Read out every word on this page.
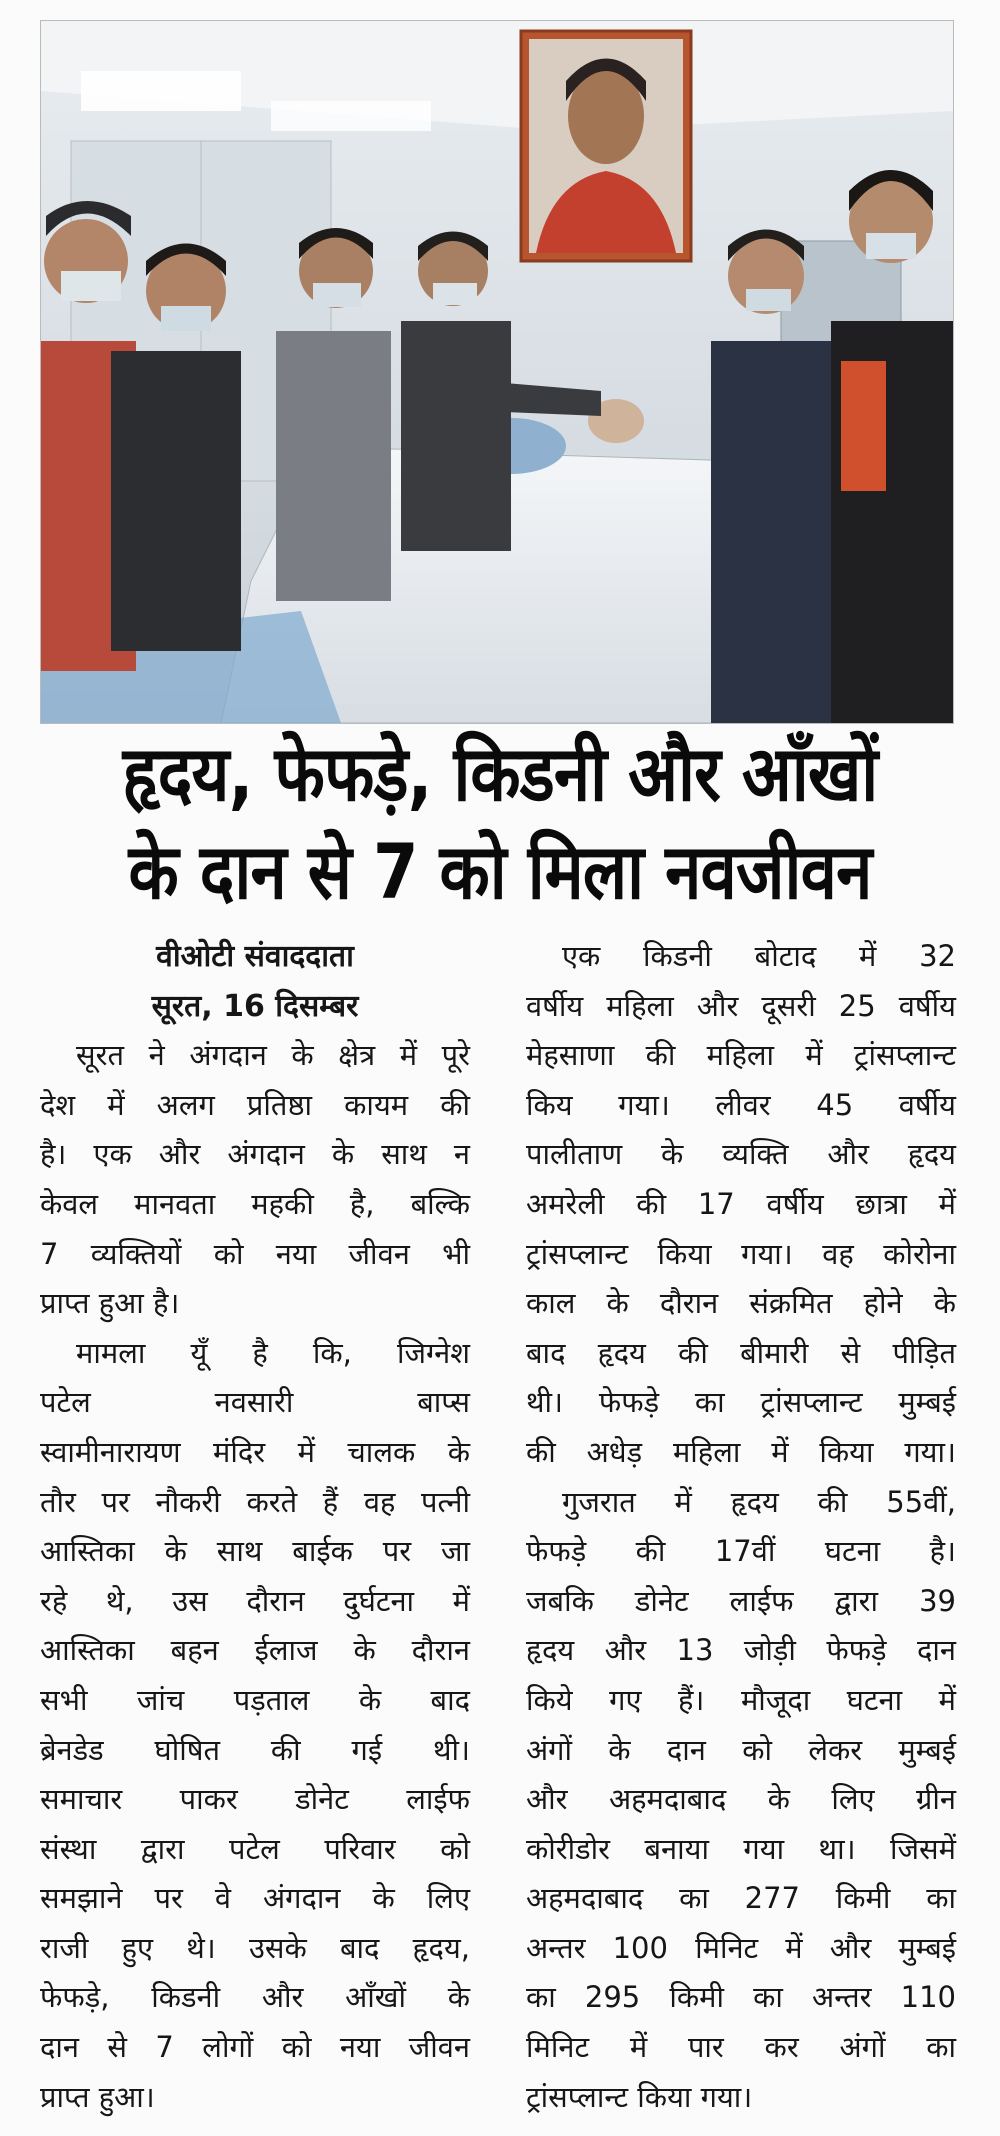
हृदय, फेफड़े, किडनी और आँखों
के दान से 7 को मिला नवजीवन
वीओटी संवाददाता
सूरत, 16 दिसम्बर
सूरत ने अंगदान के क्षेत्र में पूरे
देश में अलग प्रतिष्ठा कायम की
है। एक और अंगदान के साथ न
केवल मानवता महकी है, बल्कि
7 व्यक्तियों को नया जीवन भी
प्राप्त हुआ है।
मामला यूँ है कि, जिग्नेश
पटेल नवसारी बाप्स
स्वामीनारायण मंदिर में चालक के
तौर पर नौकरी करते हैं वह पत्नी
आस्तिका के साथ बाईक पर जा
रहे थे, उस दौरान दुर्घटना में
आस्तिका बहन ईलाज के दौरान
सभी जांच पड़ताल के बाद
ब्रेनडेड घोषित की गई थी।
समाचार पाकर डोनेट लाईफ
संस्था द्वारा पटेल परिवार को
समझाने पर वे अंगदान के लिए
राजी हुए थे। उसके बाद हृदय,
फेफड़े, किडनी और आँखों के
दान से 7 लोगों को नया जीवन
प्राप्त हुआ।
एक किडनी बोटाद में 32
वर्षीय महिला और दूसरी 25 वर्षीय
मेहसाणा की महिला में ट्रांसप्लान्ट
किय गया। लीवर 45 वर्षीय
पालीताण के व्यक्ति और हृदय
अमरेली की 17 वर्षीय छात्रा में
ट्रांसप्लान्ट किया गया। वह कोरोना
काल के दौरान संक्रमित होने के
बाद हृदय की बीमारी से पीड़ित
थी। फेफड़े का ट्रांसप्लान्ट मुम्बई
की अधेड़ महिला में किया गया।
गुजरात में हृदय की 55वीं,
फेफड़े की 17वीं घटना है।
जबकि डोनेट लाईफ द्वारा 39
हृदय और 13 जोड़ी फेफड़े दान
किये गए हैं। मौजूदा घटना में
अंगों के दान को लेकर मुम्बई
और अहमदाबाद के लिए ग्रीन
कोरीडोर बनाया गया था। जिसमें
अहमदाबाद का 277 किमी का
अन्तर 100 मिनिट में और मुम्बई
का 295 किमी का अन्तर 110
मिनिट में पार कर अंगों का
ट्रांसप्लान्ट किया गया।
